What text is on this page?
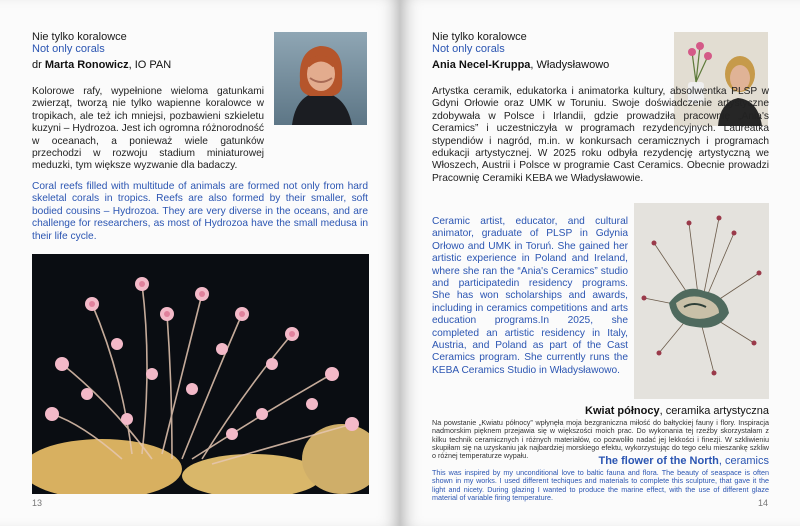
Nie tylko koralowce
Not only corals
dr Marta Ronowicz, IO PAN
Kolorowe rafy, wypełnione wieloma gatunkami zwierząt, tworzą nie tylko wapienne koralowce w tropikach, ale też ich mniejsi, pozbawieni szkieletu kuzyni – Hydrozoa. Jest ich ogromna różnorodność w oceanach, a ponieważ wiele gatunków przechodzi w rozwoju stadium miniaturowej meduzki, tym większe wyzwanie dla badaczy.
Coral reefs filled with multitude of animals are formed not only from hard skeletal corals in tropics. Reefs are also formed by their smaller, soft bodied cousins – Hydrozoa. They are very diverse in the oceans, and are challenge for researchers, as most of Hydrozoa have the small medusa in their life cycle.
13
Nie tylko koralowce
Not only corals
Ania Necel-Kruppa, Władysławowo
Artystka ceramik, edukatorka i animatorka kultury, absolwentka PLSP w Gdyni Orłowie oraz UMK w Toruniu. Swoje doświadczenie artystyczne zdobywała w Polsce i Irlandii, gdzie prowadziła pracownię „Ania's Ceramics” i uczestniczyła w programach rezydencyjnych. Laureatka stypendiów i nagród, m.in. w konkursach ceramicznych i programach edukacji artystycznej. W 2025 roku odbyła rezydencję artystyczną we Włoszech, Austrii i Polsce w programie Cast Ceramics. Obecnie prowadzi Pracownię Ceramiki KEBA we Władysławowie.
Ceramic artist, educator, and cultural animator, graduate of PLSP in Gdynia Orłowo and UMK in Toruń. She gained her artistic experience in Poland and Ireland, where she ran the “Ania's Ceramics” studio and participatedin residency programs. She has won scholarships and awards, including in ceramics competitions and arts education programs.In 2025, she completed an artistic residency in Italy, Austria, and Poland as part of the Cast Ceramics program. She currently runs the KEBA Ceramics Studio in Władysławowo.
Kwiat północy, ceramika artystyczna
Na powstanie „Kwiatu północy” wpłynęła moja bezgraniczna miłość do bałtyckiej fauny i flory. Inspiracja nadmorskim pięknem przejawia się w większości moich prac. Do wykonania tej rzeźby skorzystałam z kilku technik ceramicznych i różnych materiałów, co pozwoliło nadać jej lekkości i finezji. W szkliwieniu skupiłam się na uzyskaniu jak najbardziej morskiego efektu, wykorzystując do tego celu mieszankę szkliw o różnej temperaturze wypału.	The flower of the North, ceramics
This was inspired by my unconditional love to baltic fauna and flora. The beauty of seaspace is often shown in my works. I used different techiques and materials to complete this sculpture, that gave it the light and nicety. During glazing I wanted to produce the marine effect, with the use of different glaze material of variable firing temperature.
14
